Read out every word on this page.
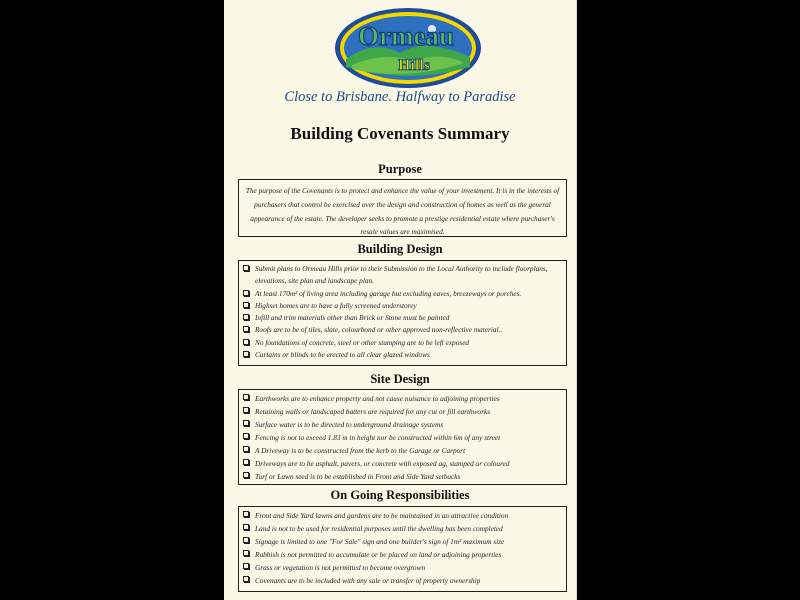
Ormeau
Hills
Close to Brisbane. Halfway to Paradise
Building Covenants Summary
Purpose
The purpose of the Covenants is to protect and enhance the value of your investment. It is in the interests of purchasers that control be exercised over the design and construction of homes as well as the general appearance of the estate. The developer seeks to promote a prestige residential estate where purchaser's resale values are maximised.
Building Design
Submit plans to Ormeau Hills prior to their Submission to the Local Authority to include floorplans, elevations, site plan and landscape plan.
At least 170m² of living area including garage but excluding eaves, breezeways or porches.
Highset homes are to have a fully screened understorey
Infill and trim materials other than Brick or Stone must be painted
Roofs are to be of tiles, slate, colourbond or other approved non-reflective material..
No foundations of concrete, steel or other stumping are to be left exposed
Curtains or blinds to be erected to all clear glazed windows
Site Design
Earthworks are to enhance property and not cause nuisance to adjoining properties
Retaining walls or landscaped batters are required for any cut or fill earthworks
Surface water is to be directed to underground drainage systems
Fencing is not to exceed 1.83 m in height nor be constructed within 6m of any street
A Driveway is to be constructed from the kerb to the Garage or Carport
Driveways are to be asphalt, pavers, or concrete with exposed ag, stamped or coloured
Turf or Lawn seed is to be established in Front and Side Yard setbacks
On Going Responsibilities
Front and Side Yard lawns and gardens are to be maintained in an attractive condition
Land is not to be used for residential purposes until the dwelling has been completed
Signage is limited to one "For Sale" sign and one builder's sign of 1m² maximum size
Rubbish is not permitted to accumulate or be placed on land or adjoining properties
Grass or vegetation is not permitted to become overgrown
Covenants are to be included with any sale or transfer of property ownership
